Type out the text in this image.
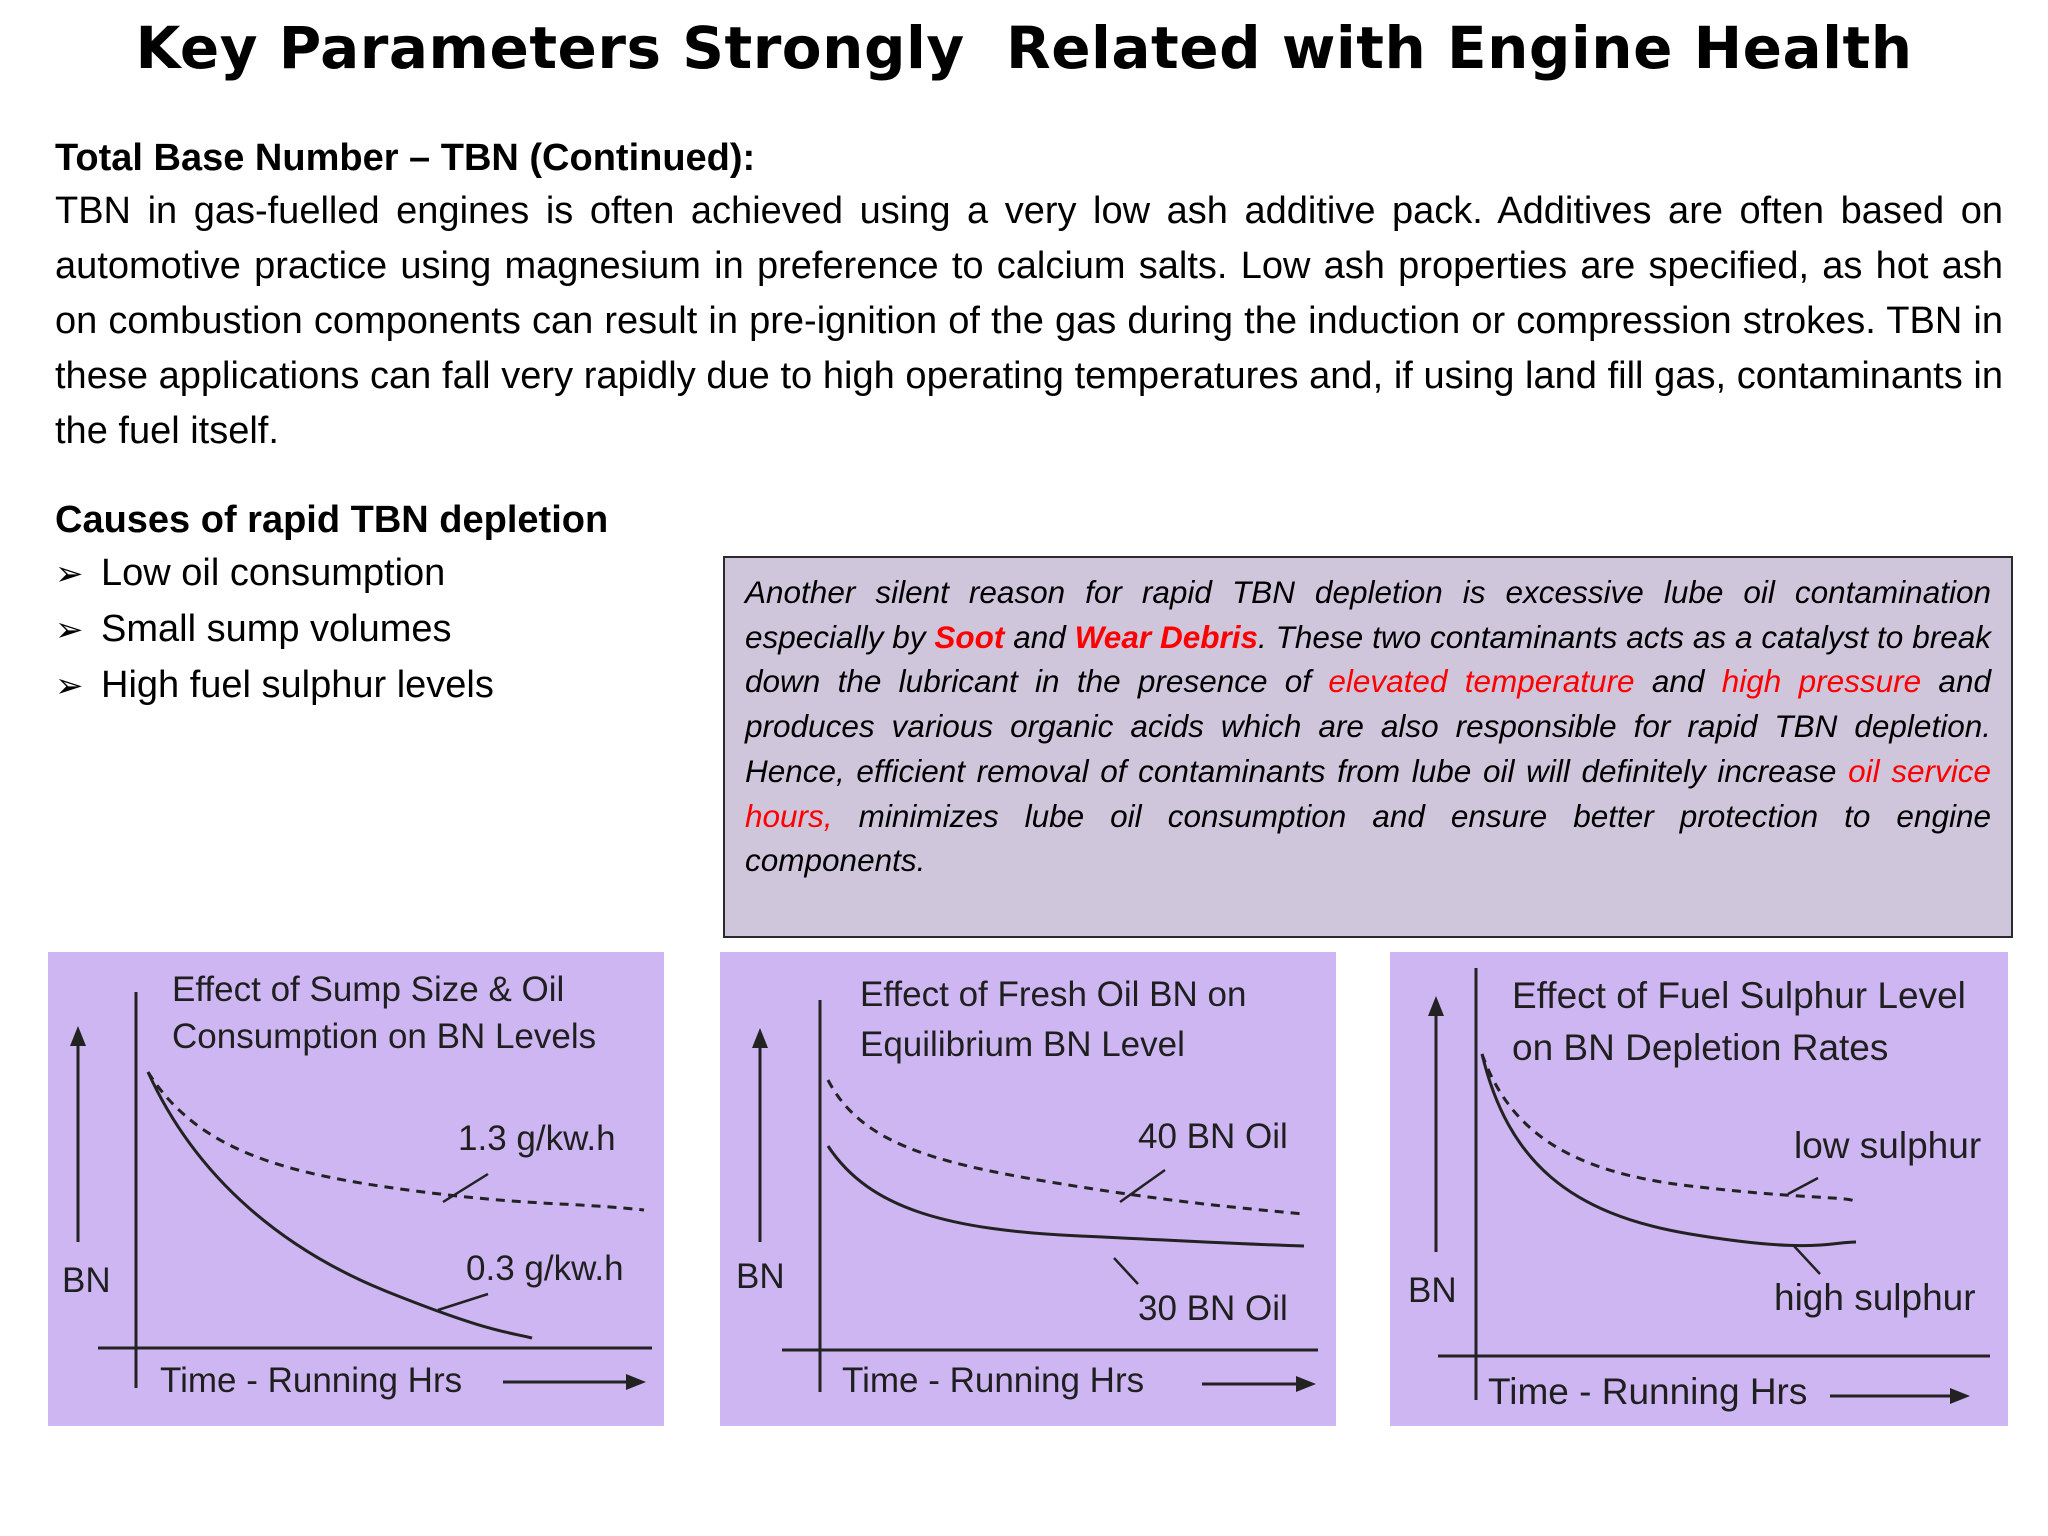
Key Parameters Strongly  Related with Engine Health
Total Base Number – TBN (Continued):

TBN in gas-fuelled engines is often achieved using a very low ash additive pack. Additives are often based on automotive practice using magnesium in preference to calcium salts. Low ash properties are specified, as hot ash on combustion components can result in pre-ignition of the gas during the induction or compression strokes. TBN in these applications can fall very rapidly due to high operating temperatures and, if using land fill gas, contaminants in the fuel itself.

Causes of rapid TBN depletion
➢ Low oil consumption
➢ Small sump volumes
➢ High fuel sulphur levels

Another silent reason for rapid TBN depletion is excessive lube oil contamination especially by Soot and Wear Debris. These two contaminants acts as a catalyst to break down the lubricant in the presence of elevated temperature and high pressure and produces various organic acids which are also responsible for rapid TBN depletion. Hence, efficient removal of contaminants from lube oil will definitely increase oil service hours, minimizes lube oil consumption and ensure better protection to engine components.

Effect of Sump Size & Oil
Consumption on BN Levels
BN
Time - Running Hrs
1.3 g/kw.h
0.3 g/kw.h
Effect of Fresh Oil BN on
Equilibrium BN Level
BN
Time - Running Hrs
40 BN Oil
30 BN Oil
Effect of Fuel Sulphur Level
on BN Depletion Rates
BN
Time - Running Hrs
low sulphur
high sulphur
